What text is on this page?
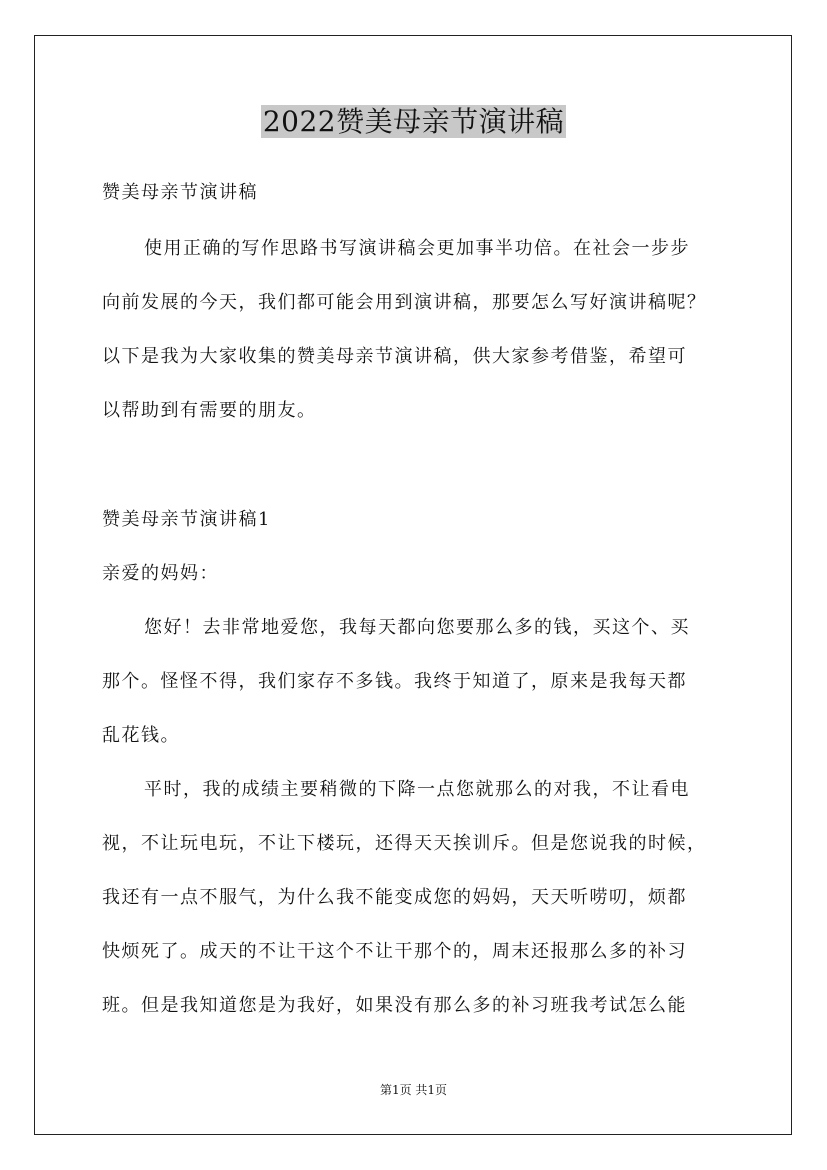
2022赞美母亲节演讲稿
赞美母亲节演讲稿
使用正确的写作思路书写演讲稿会更加事半功倍。在社会一步步
向前发展的今天，我们都可能会用到演讲稿，那要怎么写好演讲稿呢？
以下是我为大家收集的赞美母亲节演讲稿，供大家参考借鉴，希望可
以帮助到有需要的朋友。
赞美母亲节演讲稿1
亲爱的妈妈：
您好！去非常地爱您，我每天都向您要那么多的钱，买这个、买
那个。怪怪不得，我们家存不多钱。我终于知道了，原来是我每天都
乱花钱。
平时，我的成绩主要稍微的下降一点您就那么的对我，不让看电
视，不让玩电玩，不让下楼玩，还得天天挨训斥。但是您说我的时候，
我还有一点不服气，为什么我不能变成您的妈妈，天天听唠叨，烦都
快烦死了。成天的不让干这个不让干那个的，周末还报那么多的补习
班。但是我知道您是为我好，如果没有那么多的补习班我考试怎么能
第1页 共1页
